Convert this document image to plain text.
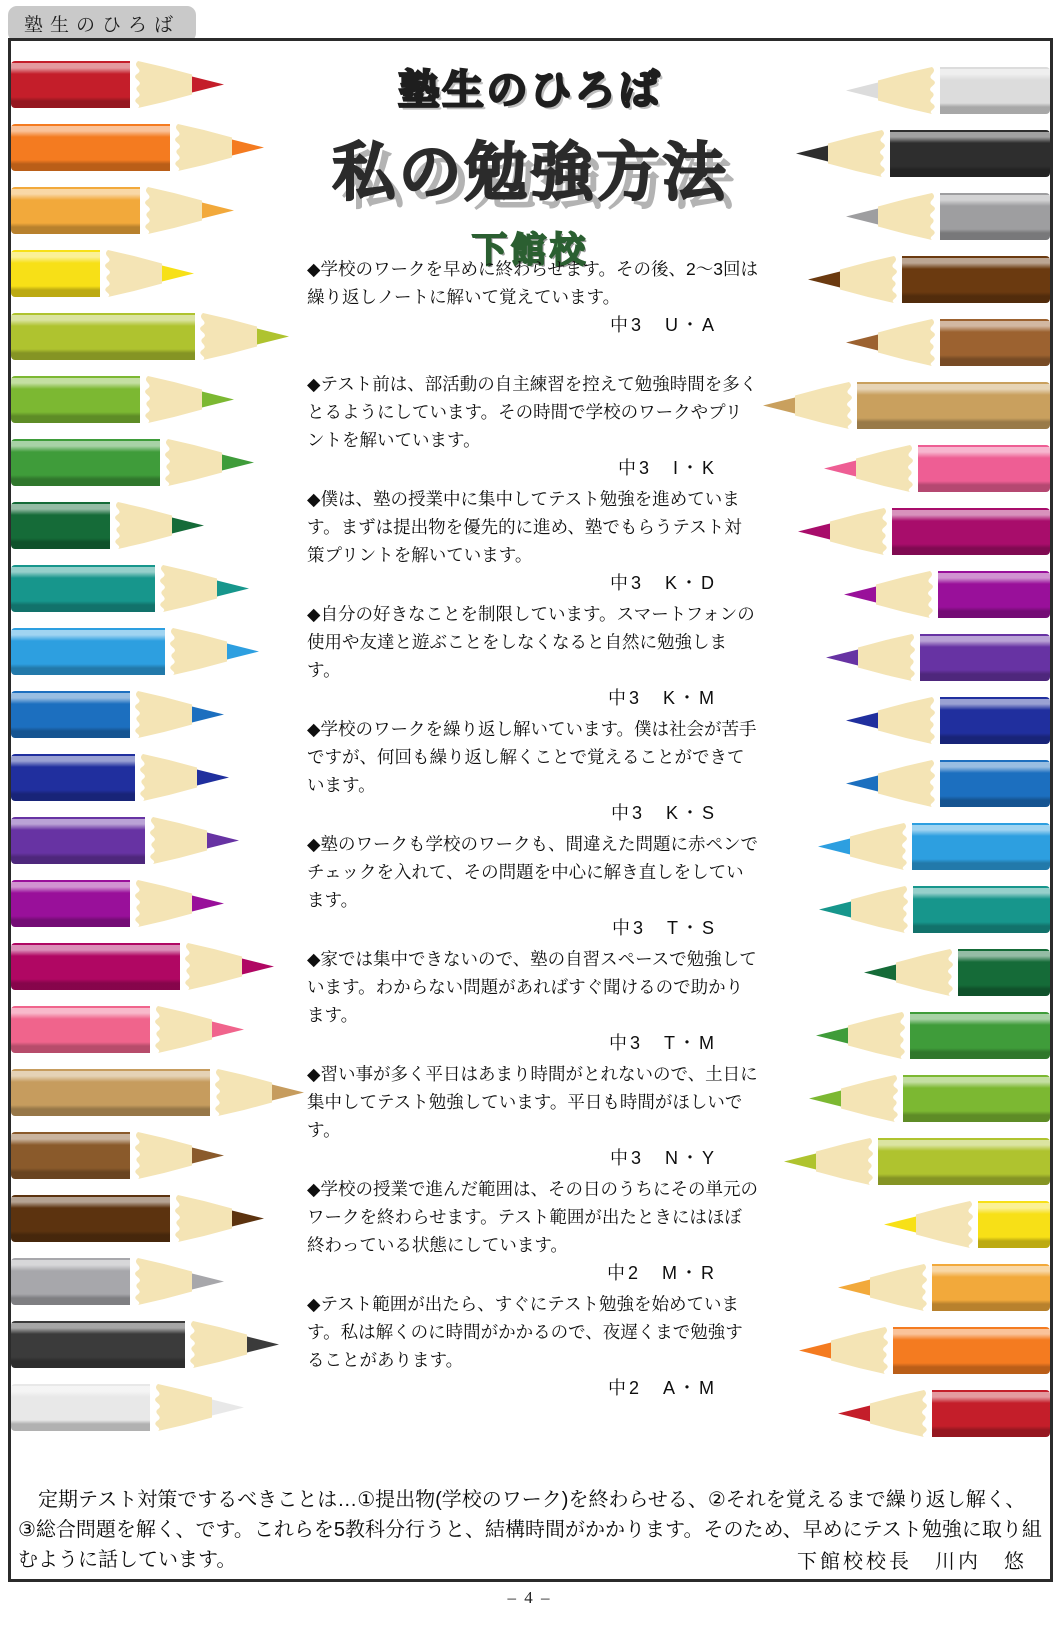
塾生のひろば
塾生のひろば
私の勉強方法
下館校

◆学校のワークを早めに終わらせます。その後、2～3回は繰り返しノートに解いて覚えています。

中3　U・A

◆テスト前は、部活動の自主練習を控えて勉強時間を多くとるようにしています。その時間で学校のワークやプリントを解いています。

中3　I・K

◆僕は、塾の授業中に集中してテスト勉強を進めています。まずは提出物を優先的に進め、塾でもらうテスト対策プリントを解いています。

中3　K・D

◆自分の好きなことを制限しています。スマートフォンの使用や友達と遊ぶことをしなくなると自然に勉強します。

中3　K・M

◆学校のワークを繰り返し解いています。僕は社会が苦手ですが、何回も繰り返し解くことで覚えることができています。

中3　K・S

◆塾のワークも学校のワークも、間違えた問題に赤ペンでチェックを入れて、その問題を中心に解き直しをしています。

中3　T・S

◆家では集中できないので、塾の自習スペースで勉強しています。わからない問題があればすぐ聞けるので助かります。

中3　T・M

◆習い事が多く平日はあまり時間がとれないので、土日に集中してテスト勉強しています。平日も時間がほしいです。

中3　N・Y

◆学校の授業で進んだ範囲は、その日のうちにその単元のワークを終わらせます。テスト範囲が出たときにはほぼ終わっている状態にしています。

中2　M・R

◆テスト範囲が出たら、すぐにテスト勉強を始めています。私は解くのに時間がかかるので、夜遅くまで勉強することがあります。

中2　A・M

　定期テスト対策でするべきことは…①提出物(学校のワーク)を終わらせる、②それを覚えるまで繰り返し解く、③総合問題を解く、です。これらを5教科分行うと、結構時間がかかります。そのため、早めにテスト勉強に取り組むように話しています。	下館校校長　川内　悠
– 4 –
